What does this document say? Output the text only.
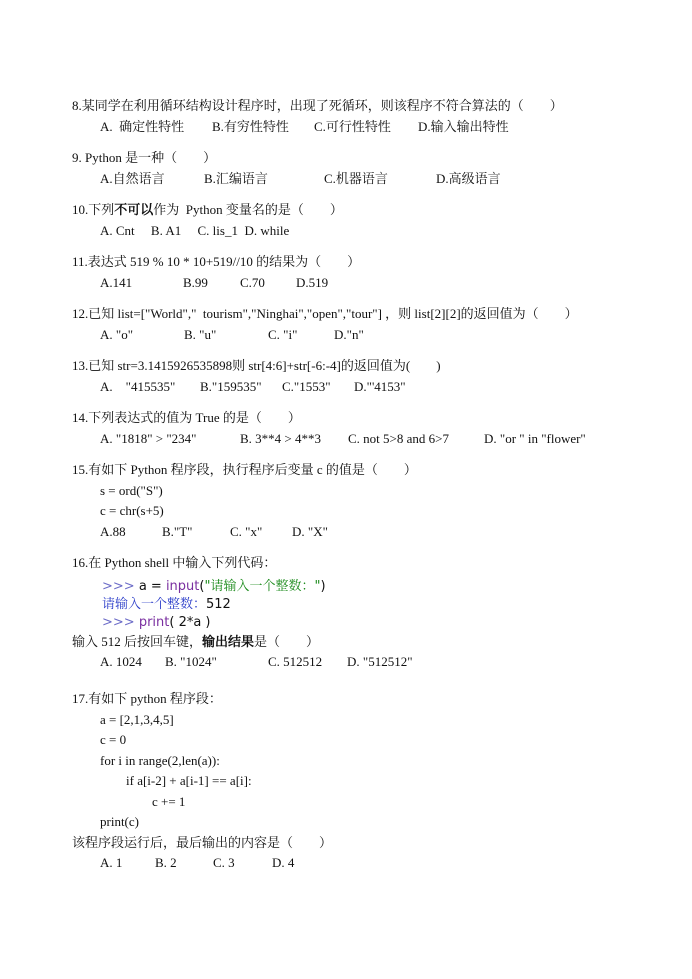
8.某同学在利用循环结构设计程序时，出现了死循环，则该程序不符合算法的（　　）
A.  确定性特性 B.有穷性特性 C.可行性特性 D.输入输出特性
9. Python 是一种（　　）
A.自然语言	B.汇编语言	C.机器语言	D.高级语言
10.下列不可以作为  Python 变量名的是（　　）
A. Cnt     B. A1     C. lis_1  D. while
11.表达式 519 % 10 * 10+519//10 的结果为（　　）
A.141	B.99 C.70 D.519
12.已知 list=["World","  tourism","Ninghai","open","tour"] ，则 list[2][2]的返回值为（　　）
A. "o"	B. "u"	C. "i"	D."n"
13.已知 str=3.1415926535898则 str[4:6]+str[-6:-4]的返回值为(　　)
A.    "415535" B."159535" C."1553" D."'4153"
14.下列表达式的值为 True 的是（　　）
A. "1818" > "234"	B. 3**4 > 4**3 C. not 5>8 and 6>7	D. "or " in "flower"
15.有如下 Python 程序段，执行程序后变量 c 的值是（　　）
s = ord("S")
c = chr(s+5)
A.88	B."T"	C. "x" D. "X"
16.在 Python shell 中输入下列代码：
>>> a = input("请输入一个整数：")
请输入一个整数：512
>>> print( 2*a )
输入 512 后按回车键，输出结果是（　　）
A. 1024 B. "1024"	C. 512512 D. "512512"
17.有如下 python 程序段：
a = [2,1,3,4,5]
c = 0
for i in range(2,len(a)):
if a[i-2] + a[i-1] == a[i]:
c += 1
print(c)
该程序段运行后，最后输出的内容是（　　）
A. 1	B. 2	C. 3	D. 4
